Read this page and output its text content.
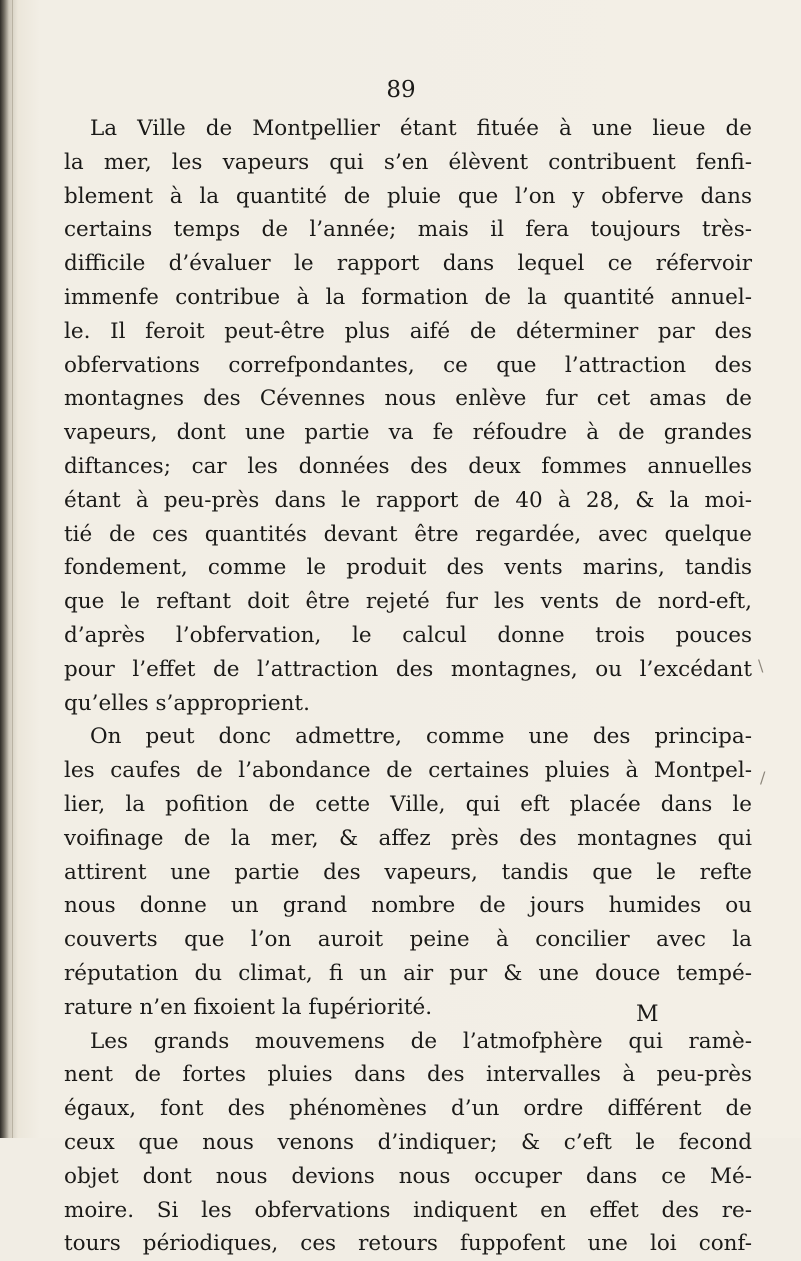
89

La Ville de Montpellier étant fituée à une lieue de
la mer, les vapeurs qui s’en élèvent contribuent fenfi-
blement à la quantité de pluie que l’on y obferve dans
certains temps de l’année; mais il fera toujours très-
difficile d’évaluer le rapport dans lequel ce réfervoir
immenfe contribue à la formation de la quantité annuel-
le. Il feroit peut-être plus aifé de déterminer par des
obfervations correfpondantes, ce que l’attraction des
montagnes des Cévennes nous enlève fur cet amas de
vapeurs, dont une partie va fe réfoudre à de grandes
diftances; car les données des deux fommes annuelles
étant à peu-près dans le rapport de 40 à 28, & la moi-
tié de ces quantités devant être regardée, avec quelque
fondement, comme le produit des vents marins, tandis
que le reftant doit être rejeté fur les vents de nord-eft,
d’après l’obfervation, le calcul donne trois pouces
pour l’effet de l’attraction des montagnes, ou l’excédant
qu’elles s’approprient.

On peut donc admettre, comme une des principa-
les caufes de l’abondance de certaines pluies à Montpel-
lier, la pofition de cette Ville, qui eft placée dans le
voifinage de la mer, & affez près des montagnes qui
attirent une partie des vapeurs, tandis que le refte
nous donne un grand nombre de jours humides ou
couverts que l’on auroit peine à concilier avec la
réputation du climat, fi un air pur & une douce tempé-
rature n’en fixoient la fupériorité.

Les grands mouvemens de l’atmofphère qui ramè-
nent de fortes pluies dans des intervalles à peu-près
égaux, font des phénomènes d’un ordre différent de
ceux que nous venons d’indiquer; & c’eft le fecond
objet dont nous devions nous occuper dans ce Mé-
moire. Si les obfervations indiquent en effet des re-
tours périodiques, ces retours fuppofent une loi conf-

M
\
/
